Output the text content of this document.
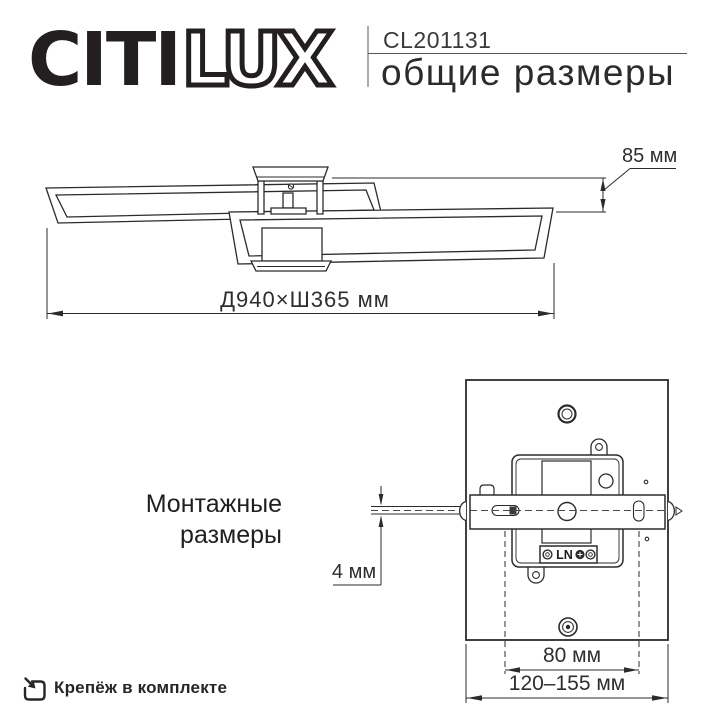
LN
CITI LUX CL201131
общие размеры
85 мм
Д940×Ш365 мм
4 мм
80 мм
120–155 мм
Монтажные
размеры
Крепёж в комплекте
